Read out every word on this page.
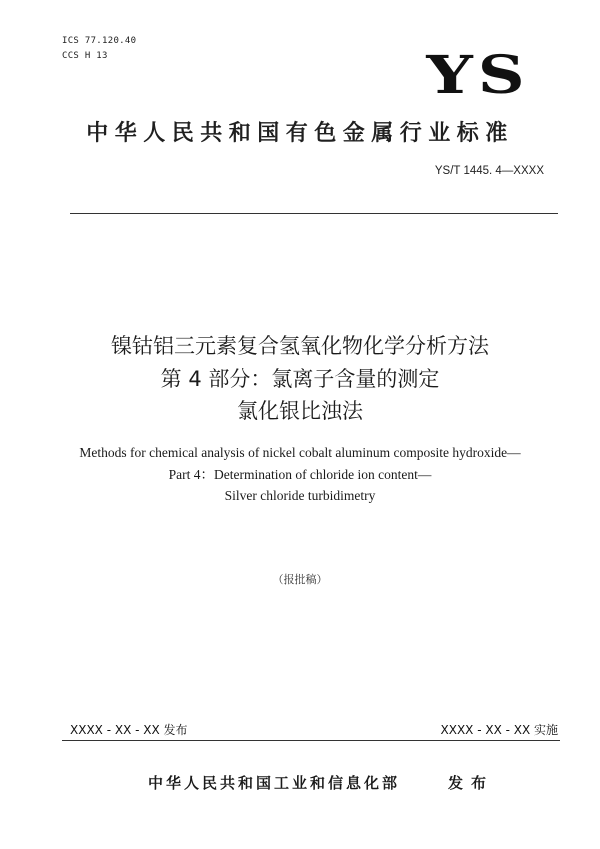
ICS 77.120.40
CCS H 13	YS
中华人民共和国有色金属行业标准
YS/T 1445. 4—XXXX
镍钴铝三元素复合氢氧化物化学分析方法
第 4 部分：氯离子含量的测定
氯化银比浊法
Methods for chemical analysis of nickel cobalt aluminum composite hydroxide—
Part 4：Determination of chloride ion content—
Silver chloride turbidimetry
（报批稿）
XXXX - XX - XX 发布	XXXX - XX - XX 实施
中华人民共和国工业和信息化部	发布
